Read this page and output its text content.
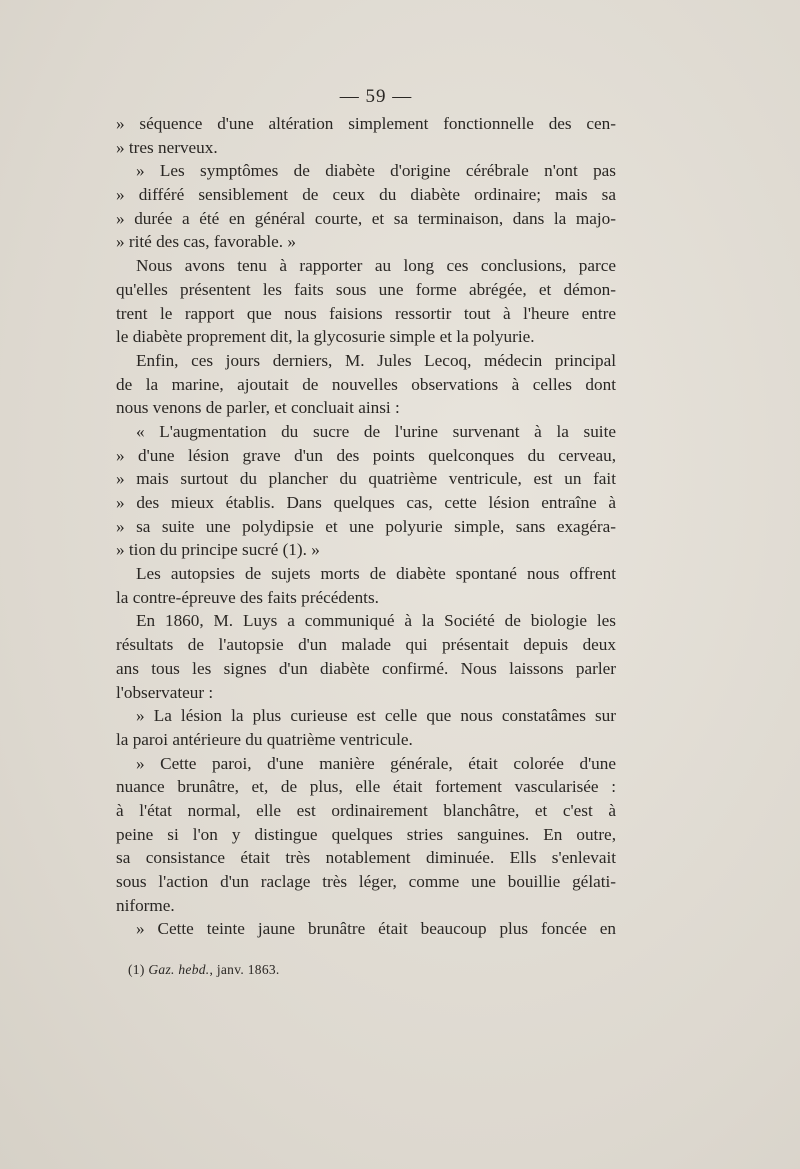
— 59 —
» séquence d'une altération simplement fonctionnelle des cen-
» tres nerveux.
» Les symptômes de diabète d'origine cérébrale n'ont pas
» différé sensiblement de ceux du diabète ordinaire; mais sa
» durée a été en général courte, et sa terminaison, dans la majo-
» rité des cas, favorable. »
Nous avons tenu à rapporter au long ces conclusions, parce
qu'elles présentent les faits sous une forme abrégée, et démon-
trent le rapport que nous faisions ressortir tout à l'heure entre
le diabète proprement dit, la glycosurie simple et la polyurie.
Enfin, ces jours derniers, M. Jules Lecoq, médecin principal
de la marine, ajoutait de nouvelles observations à celles dont
nous venons de parler, et concluait ainsi :
« L'augmentation du sucre de l'urine survenant à la suite
» d'une lésion grave d'un des points quelconques du cerveau,
» mais surtout du plancher du quatrième ventricule, est un fait
» des mieux établis. Dans quelques cas, cette lésion entraîne à
» sa suite une polydipsie et une polyurie simple, sans exagéra-
» tion du principe sucré (1). »
Les autopsies de sujets morts de diabète spontané nous offrent
la contre-épreuve des faits précédents.
En 1860, M. Luys a communiqué à la Société de biologie les
résultats de l'autopsie d'un malade qui présentait depuis deux
ans tous les signes d'un diabète confirmé. Nous laissons parler
l'observateur :
» La lésion la plus curieuse est celle que nous constatâmes sur
la paroi antérieure du quatrième ventricule.
» Cette paroi, d'une manière générale, était colorée d'une
nuance brunâtre, et, de plus, elle était fortement vascularisée :
à l'état normal, elle est ordinairement blanchâtre, et c'est à
peine si l'on y distingue quelques stries sanguines. En outre,
sa consistance était très notablement diminuée. Ells s'enlevait
sous l'action d'un raclage très léger, comme une bouillie gélati-
niforme.
» Cette teinte jaune brunâtre était beaucoup plus foncée en
(1) Gaz. hebd., janv. 1863.
